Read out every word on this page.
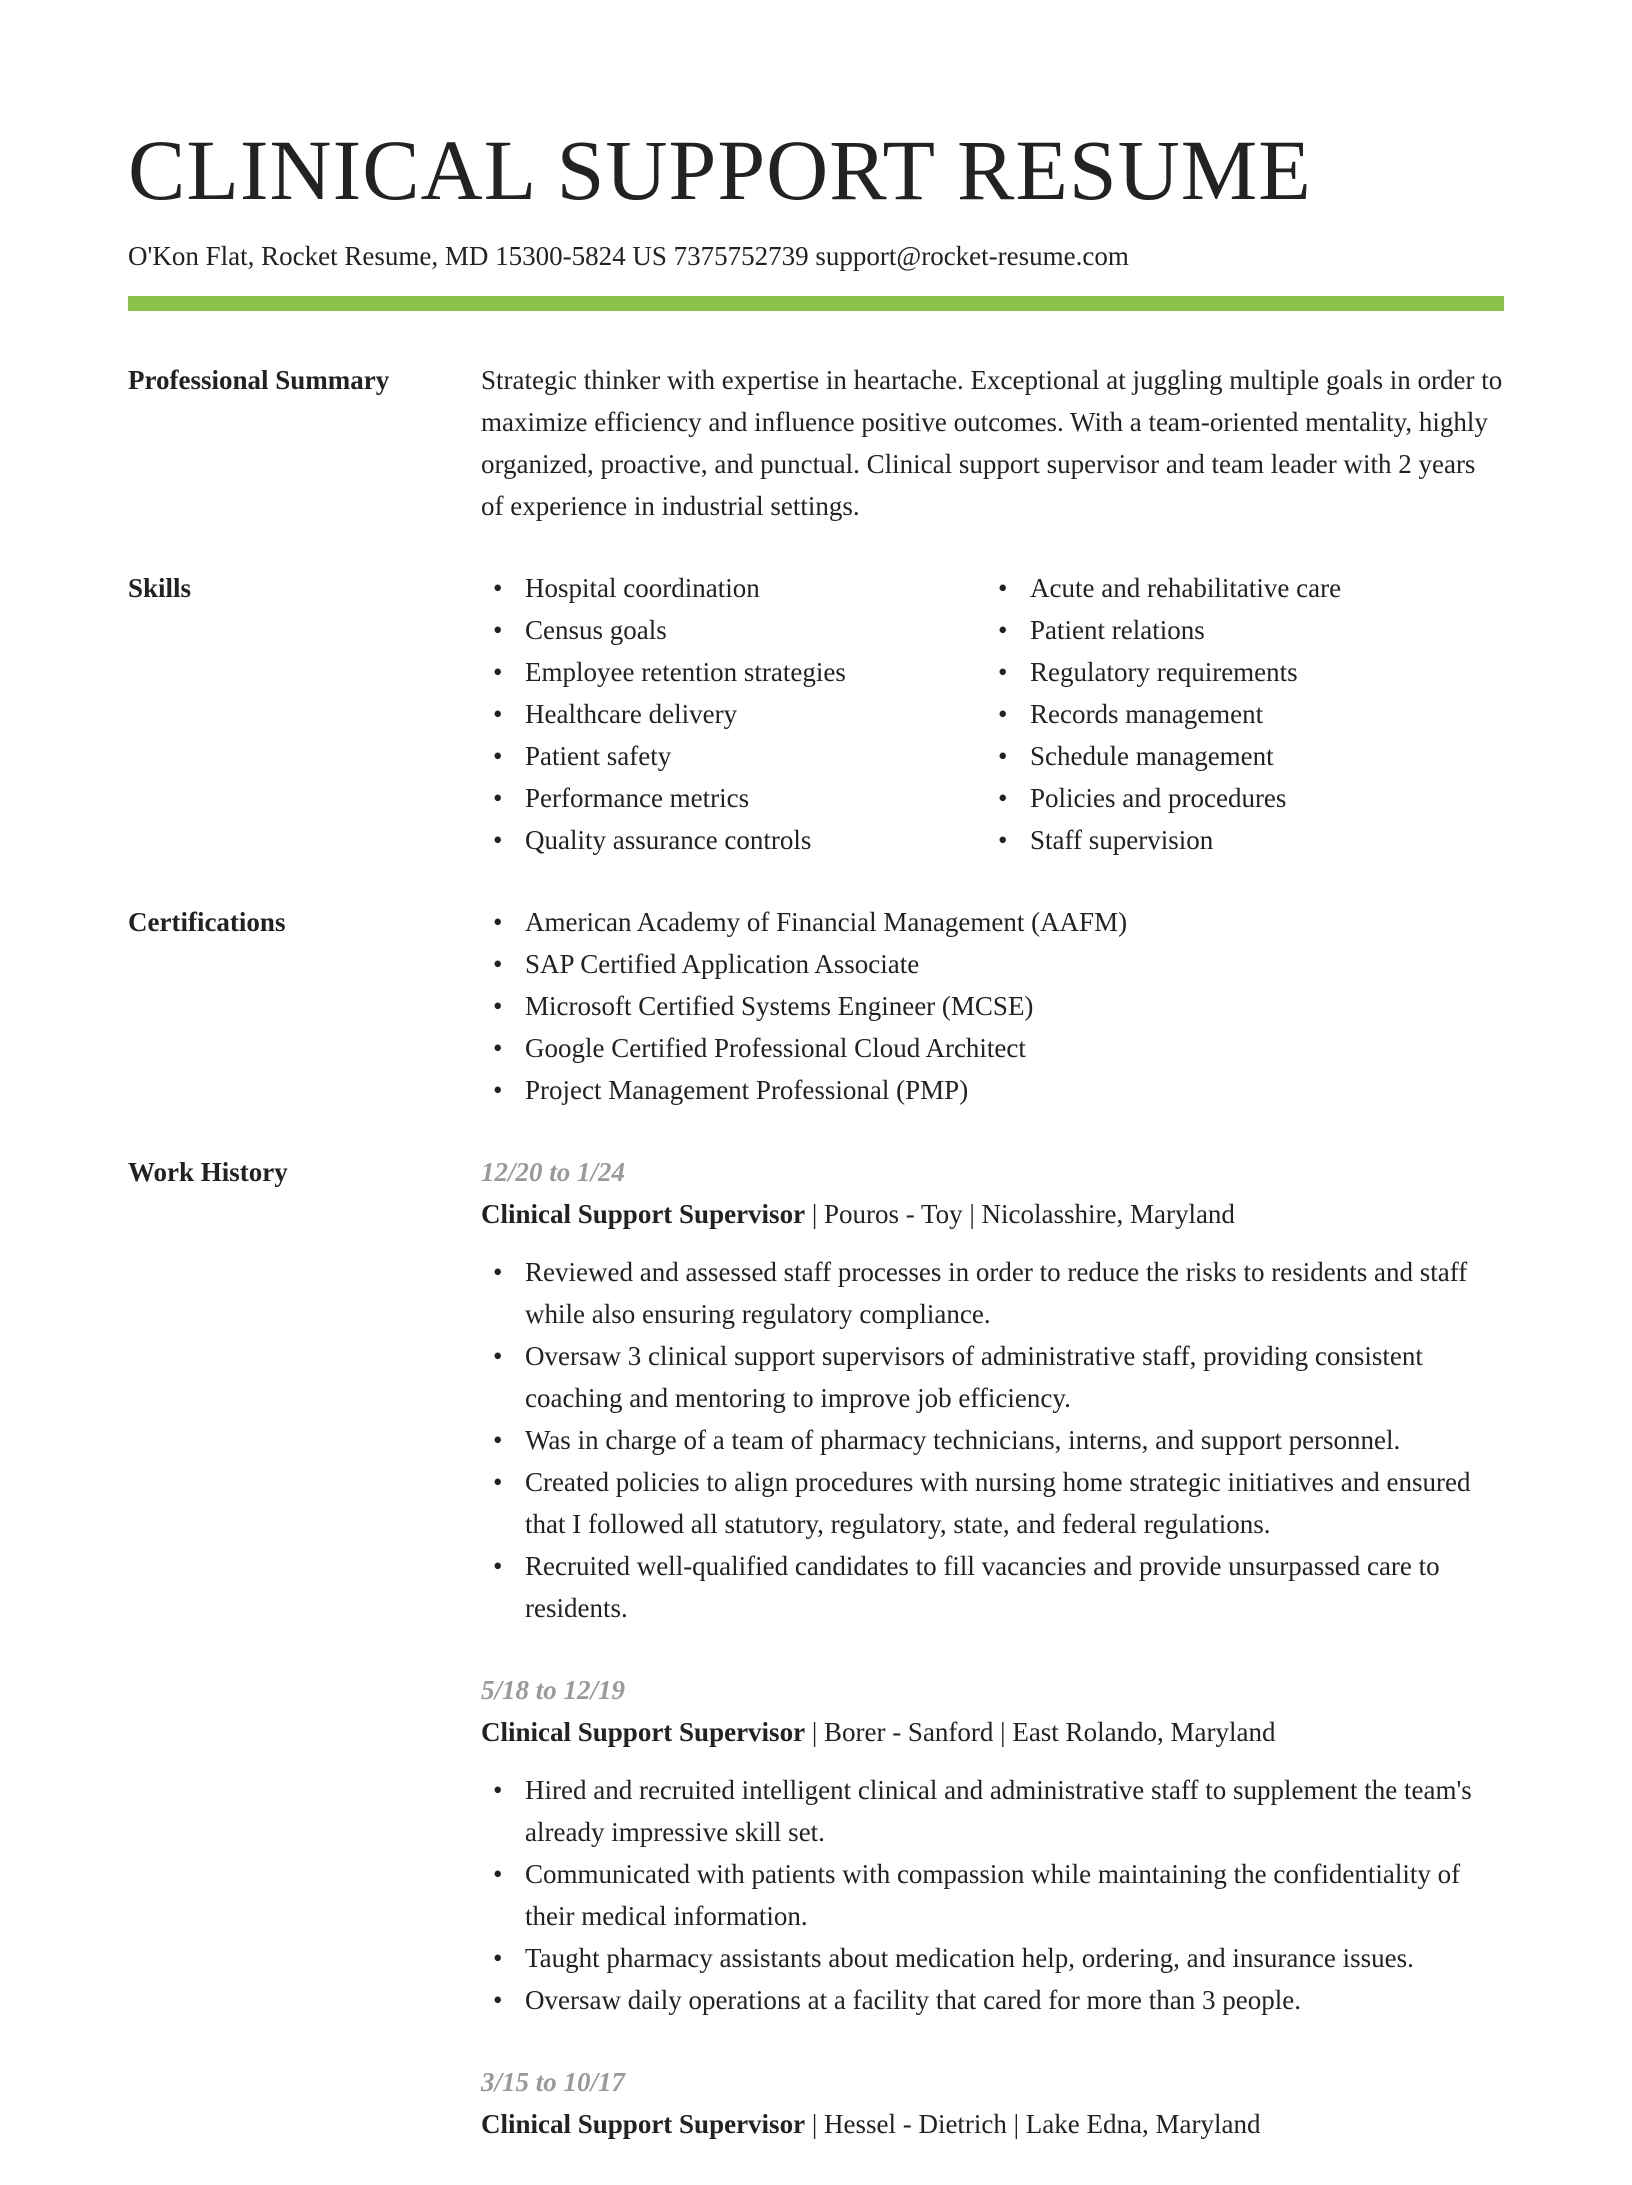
CLINICAL SUPPORT RESUME
O'Kon Flat, Rocket Resume, MD 15300-5824 US 7375752739 support@rocket-resume.com
Professional Summary	Strategic thinker with expertise in heartache. Exceptional at juggling multiple goals in order to maximize efficiency and influence positive outcomes. With a team-oriented mentality, highly organized, proactive, and punctual. Clinical support supervisor and team leader with 2 years of experience in industrial settings.
Skills	• Hospital coordination
• Census goals
• Employee retention strategies
• Healthcare delivery
• Patient safety
• Performance metrics
• Quality assurance controls
• Acute and rehabilitative care
• Patient relations
• Regulatory requirements
• Records management
• Schedule management
• Policies and procedures
• Staff supervision
Certifications	• American Academy of Financial Management (AAFM)
• SAP Certified Application Associate
• Microsoft Certified Systems Engineer (MCSE)
• Google Certified Professional Cloud Architect
• Project Management Professional (PMP)
Work History	12/20 to 1/24
Clinical Support Supervisor | Pouros - Toy | Nicolasshire, Maryland
• Reviewed and assessed staff processes in order to reduce the risks to residents and staff while also ensuring regulatory compliance.
• Oversaw 3 clinical support supervisors of administrative staff, providing consistent coaching and mentoring to improve job efficiency.
• Was in charge of a team of pharmacy technicians, interns, and support personnel.
• Created policies to align procedures with nursing home strategic initiatives and ensured that I followed all statutory, regulatory, state, and federal regulations.
• Recruited well-qualified candidates to fill vacancies and provide unsurpassed care to residents.
5/18 to 12/19
Clinical Support Supervisor | Borer - Sanford | East Rolando, Maryland
• Hired and recruited intelligent clinical and administrative staff to supplement the team's already impressive skill set.
• Communicated with patients with compassion while maintaining the confidentiality of their medical information.
• Taught pharmacy assistants about medication help, ordering, and insurance issues.
• Oversaw daily operations at a facility that cared for more than 3 people.
3/15 to 10/17
Clinical Support Supervisor | Hessel - Dietrich | Lake Edna, Maryland
